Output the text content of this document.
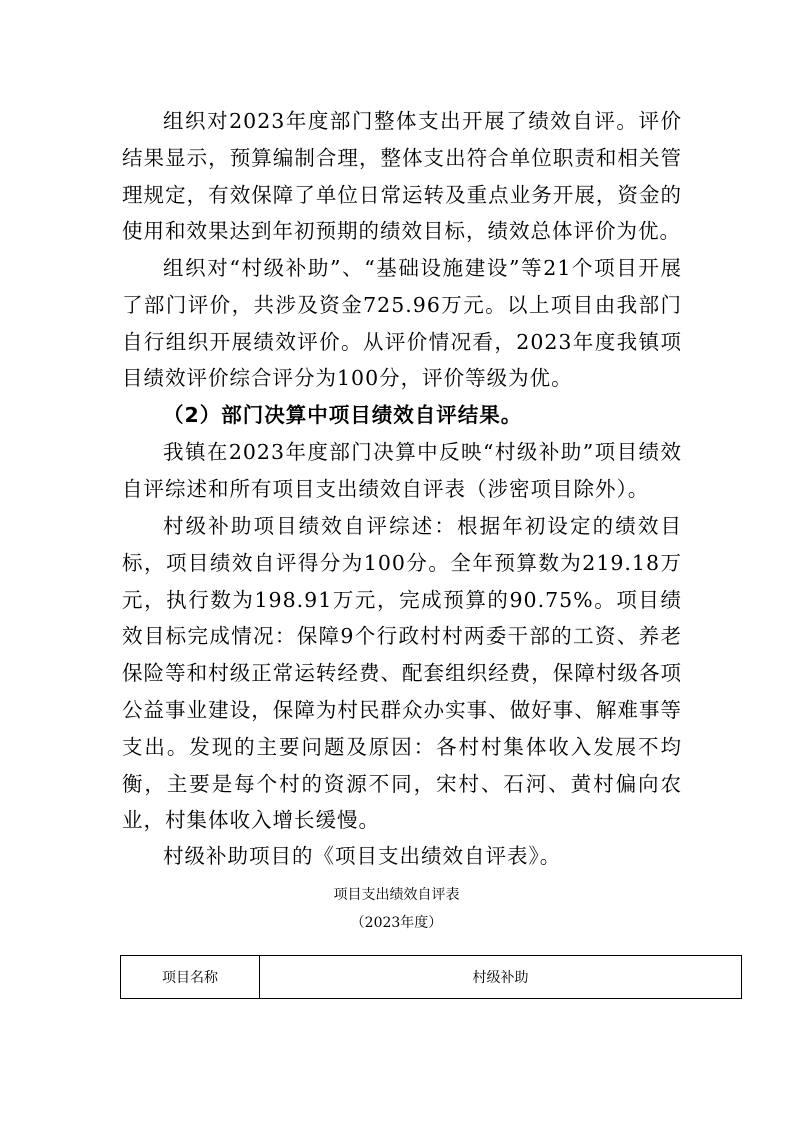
组织对2023年度部门整体支出开展了绩效自评。评价结果显示，预算编制合理，整体支出符合单位职责和相关管理规定，有效保障了单位日常运转及重点业务开展，资金的使用和效果达到年初预期的绩效目标，绩效总体评价为优。

组织对“村级补助”、“基础设施建设”等21个项目开展了部门评价，共涉及资金725.96万元。以上项目由我部门自行组织开展绩效评价。从评价情况看，2023年度我镇项目绩效评价综合评分为100分，评价等级为优。

（2）部门决算中项目绩效自评结果。

我镇在2023年度部门决算中反映“村级补助”项目绩效自评综述和所有项目支出绩效自评表（涉密项目除外）。

村级补助项目绩效自评综述：根据年初设定的绩效目标，项目绩效自评得分为100分。全年预算数为219.18万元，执行数为198.91万元，完成预算的90.75%。项目绩效目标完成情况：保障9个行政村村两委干部的工资、养老保险等和村级正常运转经费、配套组织经费，保障村级各项公益事业建设，保障为村民群众办实事、做好事、解难事等支出。发现的主要问题及原因：各村村集体收入发展不均衡，主要是每个村的资源不同，宋村、石河、黄村偏向农业，村集体收入增长缓慢。

村级补助项目的《项目支出绩效自评表》。

项目支出绩效自评表

（2023年度）

项目名称	村级补助
